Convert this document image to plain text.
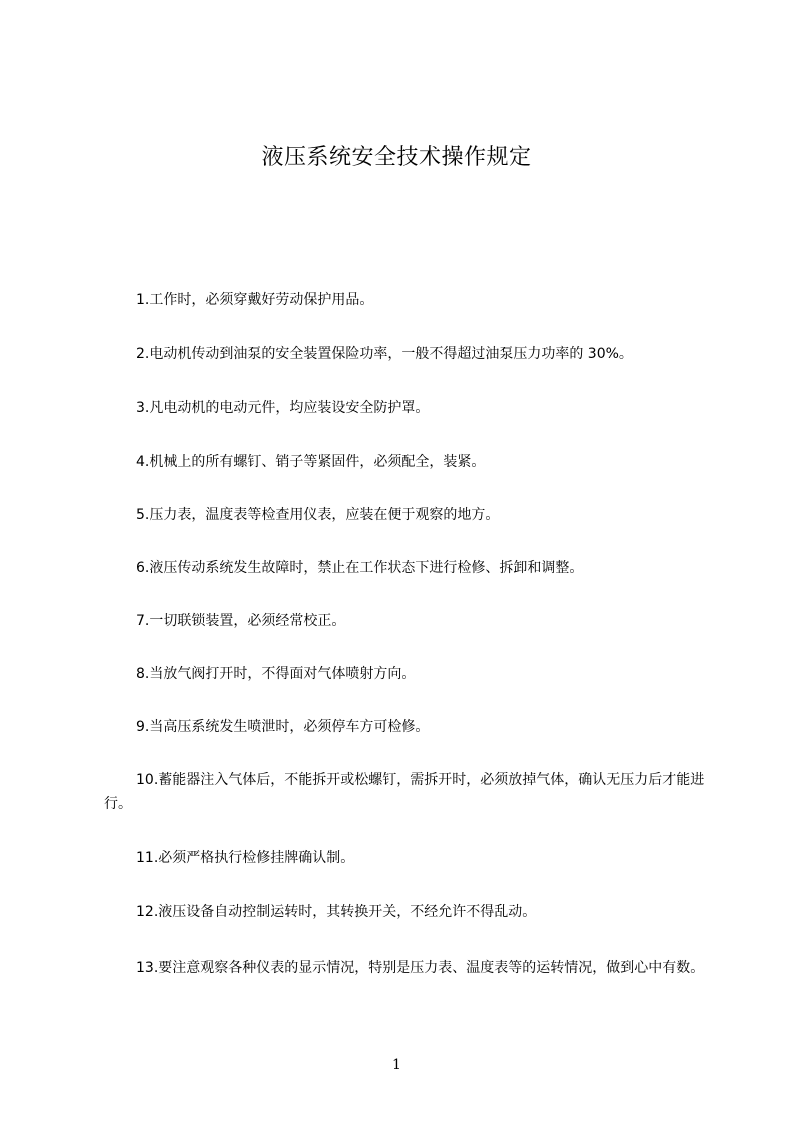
液压系统安全技术操作规定

1.工作时，必须穿戴好劳动保护用品。

2.电动机传动到油泵的安全装置保险功率，一般不得超过油泵压力功率的 30%。

3.凡电动机的电动元件，均应装设安全防护罩。

4.机械上的所有螺钉、销子等紧固件，必须配全，装紧。

5.压力表，温度表等检查用仪表，应装在便于观察的地方。

6.液压传动系统发生故障时，禁止在工作状态下进行检修、拆卸和调整。

7.一切联锁装置，必须经常校正。

8.当放气阀打开时，不得面对气体喷射方向。

9.当高压系统发生喷泄时，必须停车方可检修。

10.蓄能器注入气体后，不能拆开或松螺钉，需拆开时，必须放掉气体，确认无压力后才能进行。

11.必须严格执行检修挂牌确认制。

12.液压设备自动控制运转时，其转换开关，不经允许不得乱动。

13.要注意观察各种仪表的显示情况，特别是压力表、温度表等的运转情况，做到心中有数。

1
